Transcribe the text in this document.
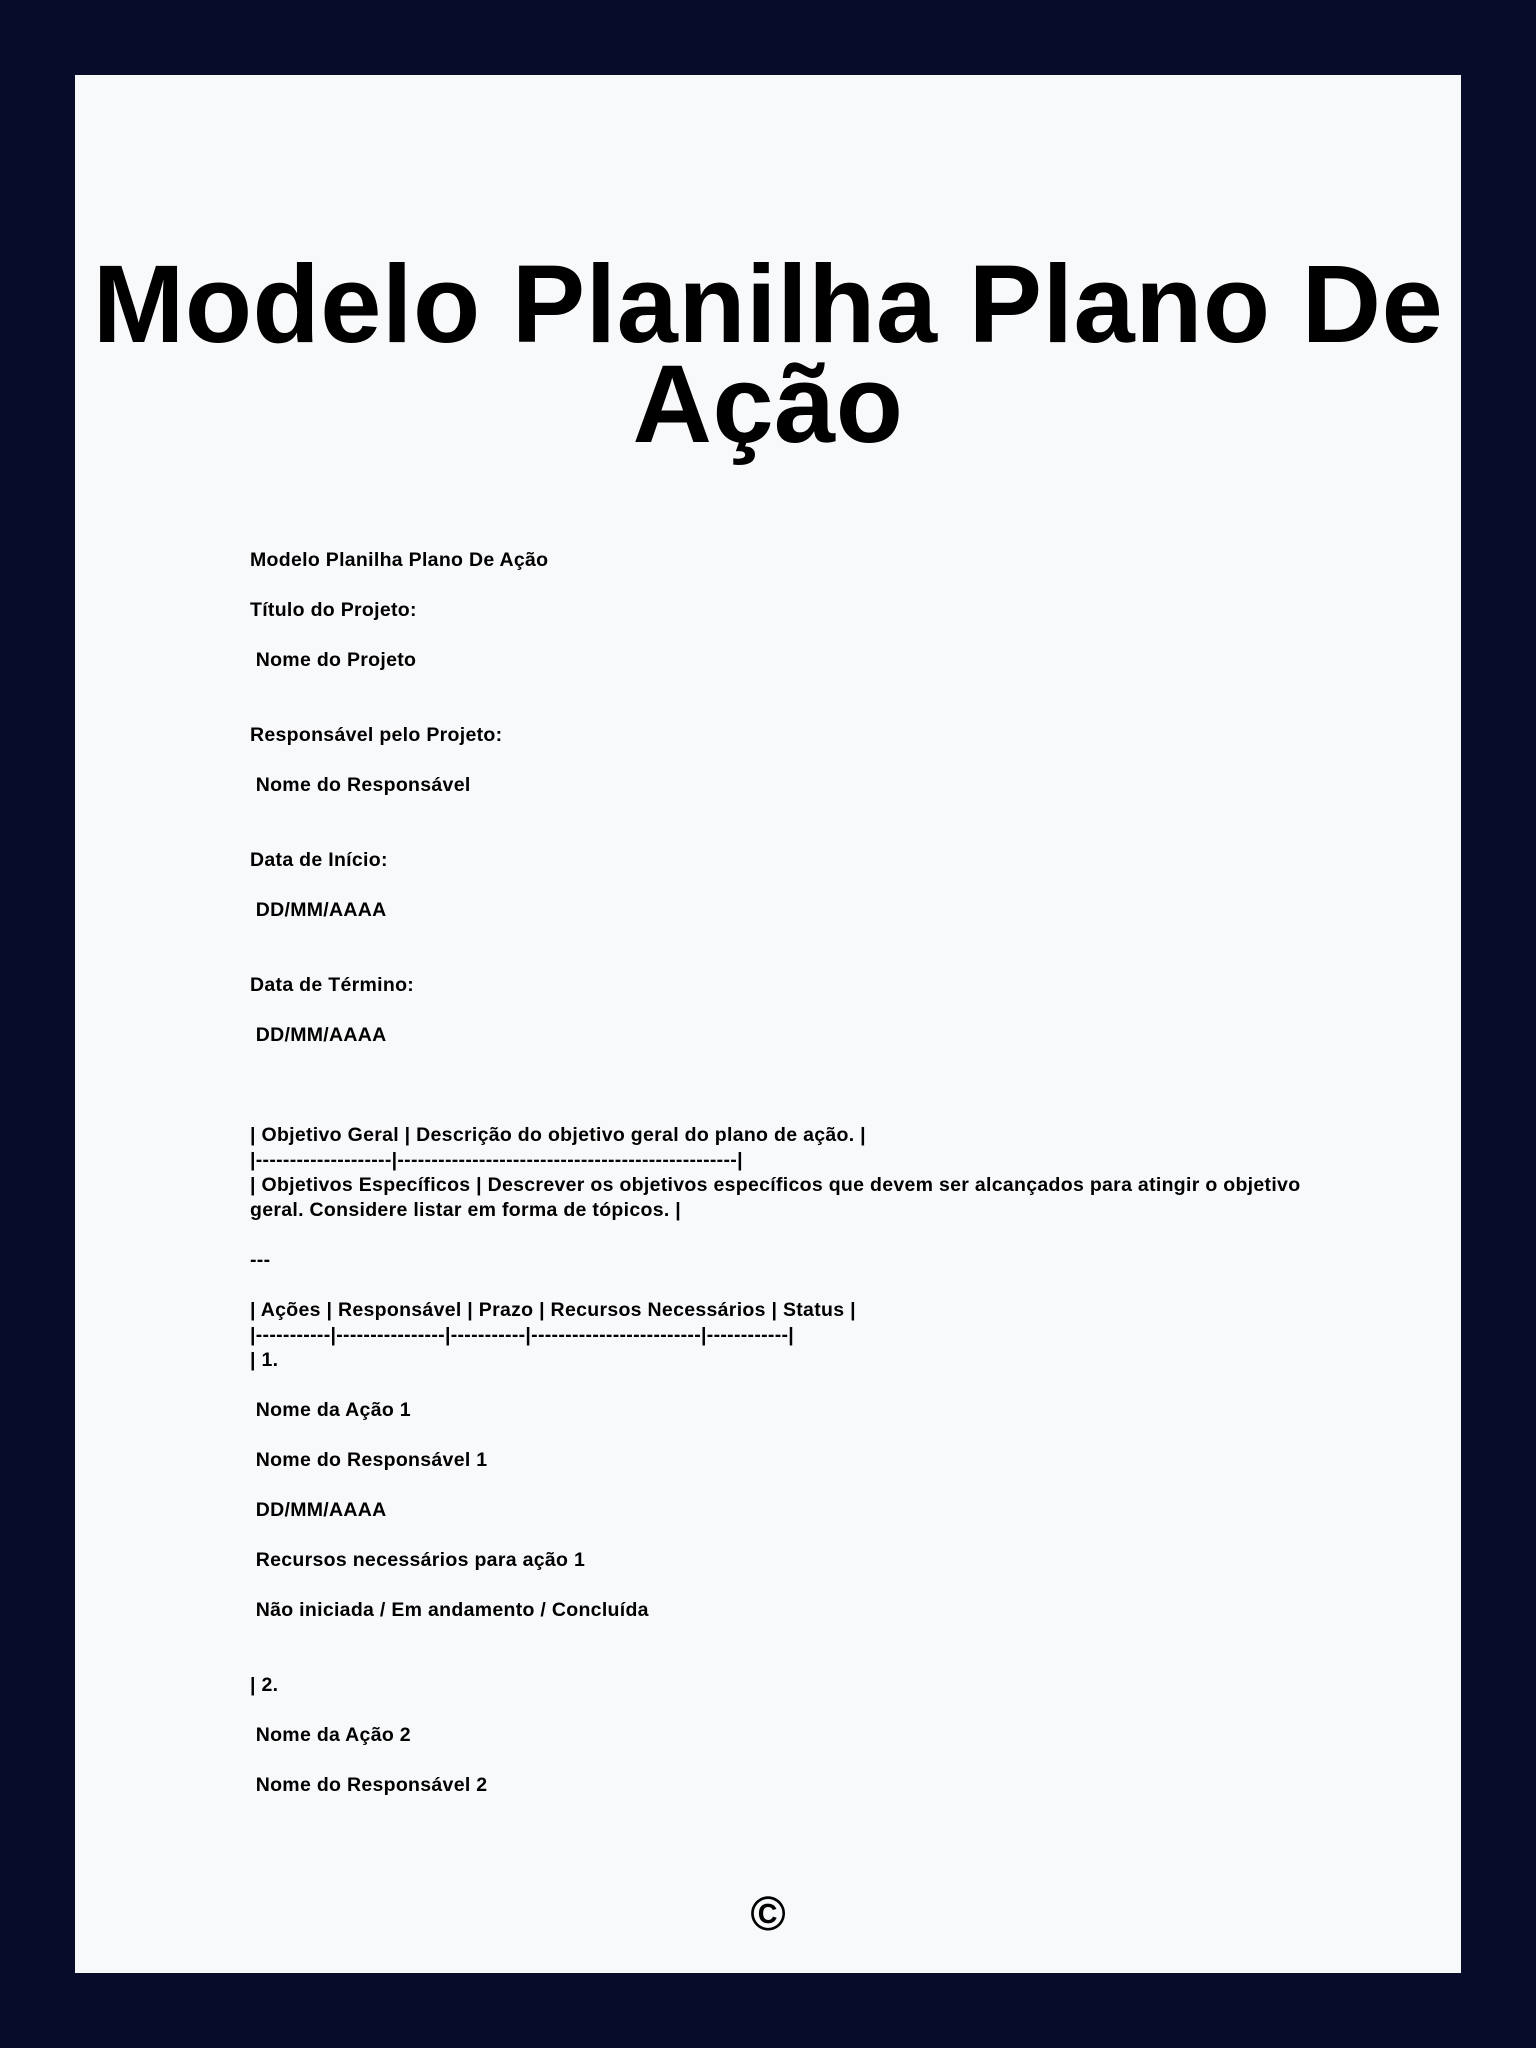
Modelo Planilha Plano De Ação
Modelo Planilha Plano De Ação
Título do Projeto:
Nome do Projeto
Responsável pelo Projeto:
Nome do Responsável
Data de Início:
DD/MM/AAAA
Data de Término:
DD/MM/AAAA
| Objetivo Geral | Descrição do objetivo geral do plano de ação. |
|--------------------|--------------------------------------------------|
| Objetivos Específicos | Descrever os objetivos específicos que devem ser alcançados para atingir o objetivo geral. Considere listar em forma de tópicos. |
---
| Ações | Responsável | Prazo | Recursos Necessários | Status |
|-----------|----------------|-----------|-------------------------|------------|
| 1.
Nome da Ação 1
Nome do Responsável 1
DD/MM/AAAA
Recursos necessários para ação 1
Não iniciada / Em andamento / Concluída
| 2.
Nome da Ação 2
Nome do Responsável 2
©
